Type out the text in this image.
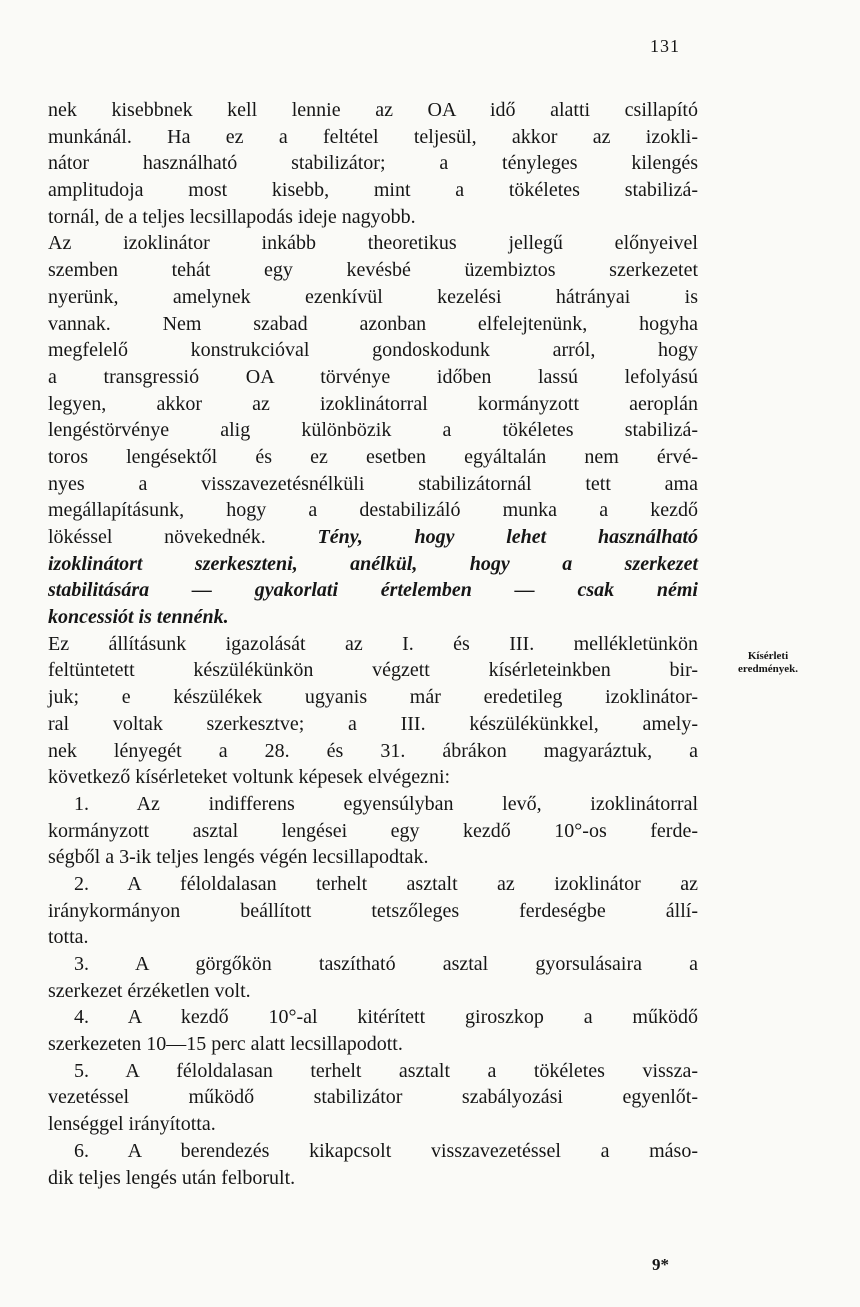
131
nek kisebbnek kell lennie az OA idő alatti csillapító
munkánál. Ha ez a feltétel teljesül, akkor az izokli-
nátor használható stabilizátor; a tényleges kilengés
amplitudoja most kisebb, mint a tökéletes stabilizá-
tornál, de a teljes lecsillapodás ideje nagyobb.
Az izoklinátor inkább theoretikus jellegű előnyeivel
szemben tehát egy kevésbé üzembiztos szerkezetet
nyerünk, amelynek ezenkívül kezelési hátrányai is
vannak. Nem szabad azonban elfelejtenünk, hogyha
megfelelő konstrukcióval gondoskodunk arról, hogy
a transgressió OA törvénye időben lassú lefolyású
legyen, akkor az izoklinátorral kormányzott aeroplán
lengéstörvénye alig különbözik a tökéletes stabilizá-
toros lengésektől és ez esetben egyáltalán nem érvé-
nyes a visszavezetésnélküli stabilizátornál tett ama
megállapításunk, hogy a destabilizáló munka a kezdő
lökéssel növekednék. Tény, hogy lehet használható
izoklinátort szerkeszteni, anélkül, hogy a szerkezet
stabilitására — gyakorlati értelemben — csak némi
koncessiót is tennénk.
Ez állításunk igazolását az I. és III. mellékletünkön
feltüntetett készülékünkön végzett kísérleteinkben bir-
juk; e készülékek ugyanis már eredetileg izoklinátor-
ral voltak szerkesztve; a III. készülékünkkel, amely-
nek lényegét a 28. és 31. ábrákon magyaráztuk, a
következő kísérleteket voltunk képesek elvégezni:
1. Az indifferens egyensúlyban levő, izoklinátorral
kormányzott asztal lengései egy kezdő 10°-os ferde-
ségből a 3-ik teljes lengés végén lecsillapodtak.
2. A féloldalasan terhelt asztalt az izoklinátor az
iránykormányon beállított tetszőleges ferdeségbe állí-
totta.
3. A görgőkön taszítható asztal gyorsulásaira a
szerkezet érzéketlen volt.
4. A kezdő 10°-al kitérített giroszkop a működő
szerkezeten 10—15 perc alatt lecsillapodott.
5. A féloldalasan terhelt asztalt a tökéletes vissza-
vezetéssel működő stabilizátor szabályozási egyenlőt-
lenséggel irányította.
6. A berendezés kikapcsolt visszavezetéssel a máso-
dik teljes lengés után felborult.
Kísérleti eredmények.
9*
